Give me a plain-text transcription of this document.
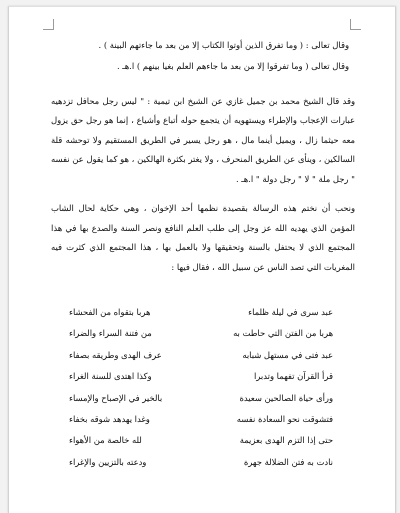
وقال تعالى : ( وما تفرق الذين أوتوا الكتاب إلا من بعد ما جاءتهم البينة ) .

وقال تعالى ( وما تفرقوا إلا من بعد ما جاءهم العلم بغيا بينهم ) ا.هـ .

وقد قال الشيخ محمد بن جميل غازي عن الشيخ ابن تيمية : " ليس رجل محافل تزدهيه عبارات الإعجاب والإطراء ويستهويه أن يتجمع حوله أتباع وأشياع ، إنما هو رجل حق يزول معه حيثما زال ، ويميل أينما مال ، هو رجل يسير في الطريق المستقيم ولا توحشه قلة السالكين ، وينأى عن الطريق المنحرف ، ولا يغتر بكثرة الهالكين ، هو كما يقول عن نفسه " رجل ملة " لا " رجل دولة " ا.هـ .

ونحب أن نختم هذه الرسالة بقصيدة نظمها أحد الإخوان ، وهي حكاية لحال الشاب المؤمن الذي يهديه الله عز وجل إلى طلب العلم النافع ونصر السنة والصدع بها في هذا المجتمع الذي لا يحتفل بالسنة وتحقيقها ولا بالعمل بها ، هذا المجتمع الذي كثرت فيه المغريات التي تصد الناس عن سبيل الله ، فقال فيها :

عبد سرى في ليلة ظلماء
هربا بتقواه من الفحشاء
هربا من الفتن التي حاطت به
من فتنة السراء والضراء
عبد فتى في مستهل شبابه
عرف الهدى وطريقه بصفاء
قرأ القرآن تفهما وتدبرا
وكذا اهتدى للسنة الغراء
ورأى حياة الصالحين سعيدة
بالخير في الإصباح والإمساء
فتشوقت نحو السعادة نفسه
وغدا يهدهد شوقه بخفاء
حتى إذا التزم الهدى بعزيمة
لله خالصة من الأهواء
نادت به فتن الضلالة جهرة
ودعته بالتزيين والإغراء
